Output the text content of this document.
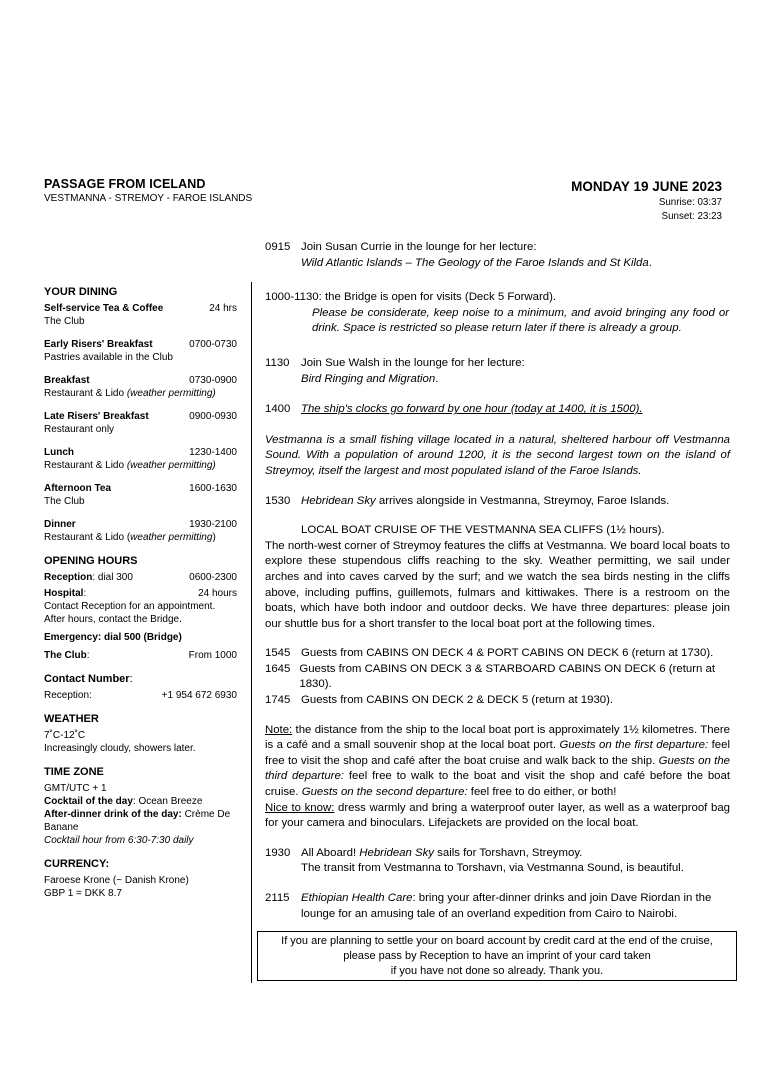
PASSAGE FROM ICELAND
VESTMANNA - STREMOY - FAROE ISLANDS
MONDAY 19 JUNE 2023
Sunrise: 03:37
Sunset: 23:23
YOUR DINING
Self-service Tea & Coffee	24 hrs
The Club
Early Risers' Breakfast	0700-0730
Pastries available in the Club
Breakfast	0730-0900
Restaurant & Lido (weather permitting)
Late Risers' Breakfast	0900-0930
Restaurant only
Lunch	1230-1400
Restaurant & Lido (weather permitting)
Afternoon Tea	1600-1630
The Club
Dinner	1930-2100
Restaurant & Lido (weather permitting)
OPENING HOURS
Reception: dial 300	0600-2300
Hospital:	24 hours
Contact Reception for an appointment.
After hours, contact the Bridge.
Emergency: dial 500 (Bridge)
The Club:	From 1000
Contact Number:
Reception:	+1 954 672 6930
WEATHER
7˚C-12˚C
Increasingly cloudy, showers later.
TIME ZONE
GMT/UTC + 1
Cocktail of the day: Ocean Breeze
After-dinner drink of the day: Crème De Banane
Cocktail hour from 6:30-7:30 daily
CURRENCY:
Faroese Krone (~ Danish Krone)
GBP 1 = DKK 8.7
0915 Join Susan Currie in the lounge for her lecture:
Wild Atlantic Islands – The Geology of the Faroe Islands and St Kilda.
1000-1130: the Bridge is open for visits (Deck 5 Forward).
Please be considerate, keep noise to a minimum, and avoid bringing any food or drink. Space is restricted so please return later if there is already a group.
1130	Join Sue Walsh in the lounge for her lecture:
Bird Ringing and Migration.
1400 The ship's clocks go forward by one hour (today at 1400, it is 1500).
Vestmanna is a small fishing village located in a natural, sheltered harbour off Vestmanna Sound. With a population of around 1200, it is the second largest town on the island of Streymoy, itself the largest and most populated island of the Faroe Islands.
1530 Hebridean Sky arrives alongside in Vestmanna, Streymoy, Faroe Islands.
LOCAL BOAT CRUISE OF THE VESTMANNA SEA CLIFFS (1½ hours).
The north-west corner of Streymoy features the cliffs at Vestmanna. We board local boats to explore these stupendous cliffs reaching to the sky. Weather permitting, we sail under arches and into caves carved by the surf; and we watch the sea birds nesting in the cliffs above, including puffins, guillemots, fulmars and kittiwakes. There is a restroom on the boats, which have both indoor and outdoor decks. We have three departures: please join our shuttle bus for a short transfer to the local boat port at the following times.
1545 Guests from CABINS ON DECK 4 & PORT CABINS ON DECK 6 (return at 1730).
1645 Guests from CABINS ON DECK 3 & STARBOARD CABINS ON DECK 6 (return at 1830).
1745 Guests from CABINS ON DECK 2 & DECK 5 (return at 1930).
Note: the distance from the ship to the local boat port is approximately 1½ kilometres. There is a café and a small souvenir shop at the local boat port. Guests on the first departure: feel free to visit the shop and café after the boat cruise and walk back to the ship. Guests on the third departure: feel free to walk to the boat and visit the shop and café before the boat cruise. Guests on the second departure: feel free to do either, or both!
Nice to know: dress warmly and bring a waterproof outer layer, as well as a waterproof bag for your camera and binoculars. Lifejackets are provided on the local boat.
1930 All Aboard! Hebridean Sky sails for Torshavn, Streymoy.
The transit from Vestmanna to Torshavn, via Vestmanna Sound, is beautiful.
2115	Ethiopian Health Care: bring your after-dinner drinks and join Dave Riordan in the lounge for an amusing tale of an overland expedition from Cairo to Nairobi.
If you are planning to settle your on board account by credit card at the end of the cruise,
please pass by Reception to have an imprint of your card taken
if you have not done so already. Thank you.
